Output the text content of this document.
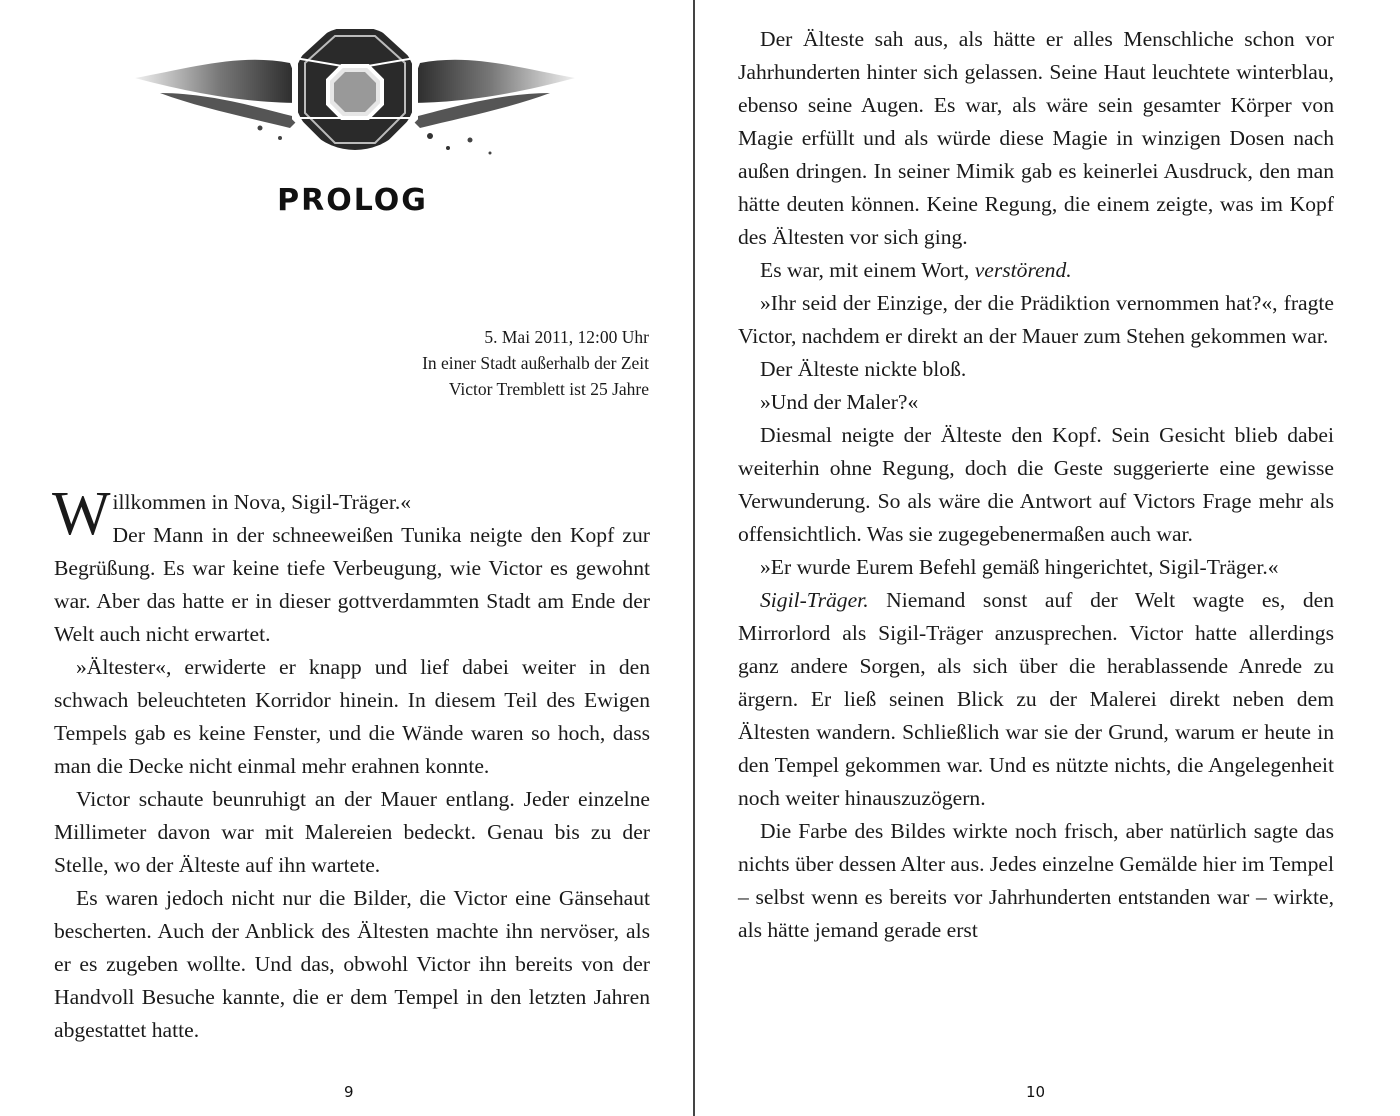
PROLOG
5. Mai 2011, 12:00 Uhr
In einer Stadt außerhalb der Zeit
Victor Tremblett ist 25 Jahre

Willkommen in Nova, Sigil-Träger.«
Der Mann in der schneeweißen Tunika neigte den Kopf zur Begrüßung. Es war keine tiefe Verbeugung, wie Victor es gewohnt war. Aber das hatte er in dieser gottverdammten Stadt am Ende der Welt auch nicht erwartet.

»Ältester«, erwiderte er knapp und lief dabei weiter in den schwach beleuchteten Korridor hinein. In diesem Teil des Ewigen Tempels gab es keine Fenster, und die Wände waren so hoch, dass man die Decke nicht einmal mehr erahnen konnte.

Victor schaute beunruhigt an der Mauer entlang. Jeder einzelne Millimeter davon war mit Malereien bedeckt. Genau bis zu der Stelle, wo der Älteste auf ihn wartete.

Es waren jedoch nicht nur die Bilder, die Victor eine Gänsehaut bescherten. Auch der Anblick des Ältesten machte ihn nervöser, als er es zugeben wollte. Und das, obwohl Victor ihn bereits von der Handvoll Besuche kannte, die er dem Tempel in den letzten Jahren abgestattet hatte.

9

Der Älteste sah aus, als hätte er alles Menschliche schon vor Jahrhunderten hinter sich gelassen. Seine Haut leuchtete winterblau, ebenso seine Augen. Es war, als wäre sein gesamter Körper von Magie erfüllt und als würde diese Magie in winzigen Dosen nach außen dringen. In seiner Mimik gab es keinerlei Ausdruck, den man hätte deuten können. Keine Regung, die einem zeigte, was im Kopf des Ältesten vor sich ging.

Es war, mit einem Wort, verstörend.

»Ihr seid der Einzige, der die Prädiktion vernommen hat?«, fragte Victor, nachdem er direkt an der Mauer zum Stehen gekommen war.

Der Älteste nickte bloß.

»Und der Maler?«

Diesmal neigte der Älteste den Kopf. Sein Gesicht blieb dabei weiterhin ohne Regung, doch die Geste suggerierte eine gewisse Verwunderung. So als wäre die Antwort auf Victors Frage mehr als offensichtlich. Was sie zugegebenermaßen auch war.

»Er wurde Eurem Befehl gemäß hingerichtet, Sigil-Träger.«

Sigil-Träger. Niemand sonst auf der Welt wagte es, den Mirrorlord als Sigil-Träger anzusprechen. Victor hatte allerdings ganz andere Sorgen, als sich über die herablassende Anrede zu ärgern. Er ließ seinen Blick zu der Malerei direkt neben dem Ältesten wandern. Schließlich war sie der Grund, warum er heute in den Tempel gekommen war. Und es nützte nichts, die Angelegenheit noch weiter hinauszuzögern.

Die Farbe des Bildes wirkte noch frisch, aber natürlich sagte das nichts über dessen Alter aus. Jedes einzelne Gemälde hier im Tempel – selbst wenn es bereits vor Jahrhunderten entstanden war – wirkte, als hätte jemand gerade erst

10
